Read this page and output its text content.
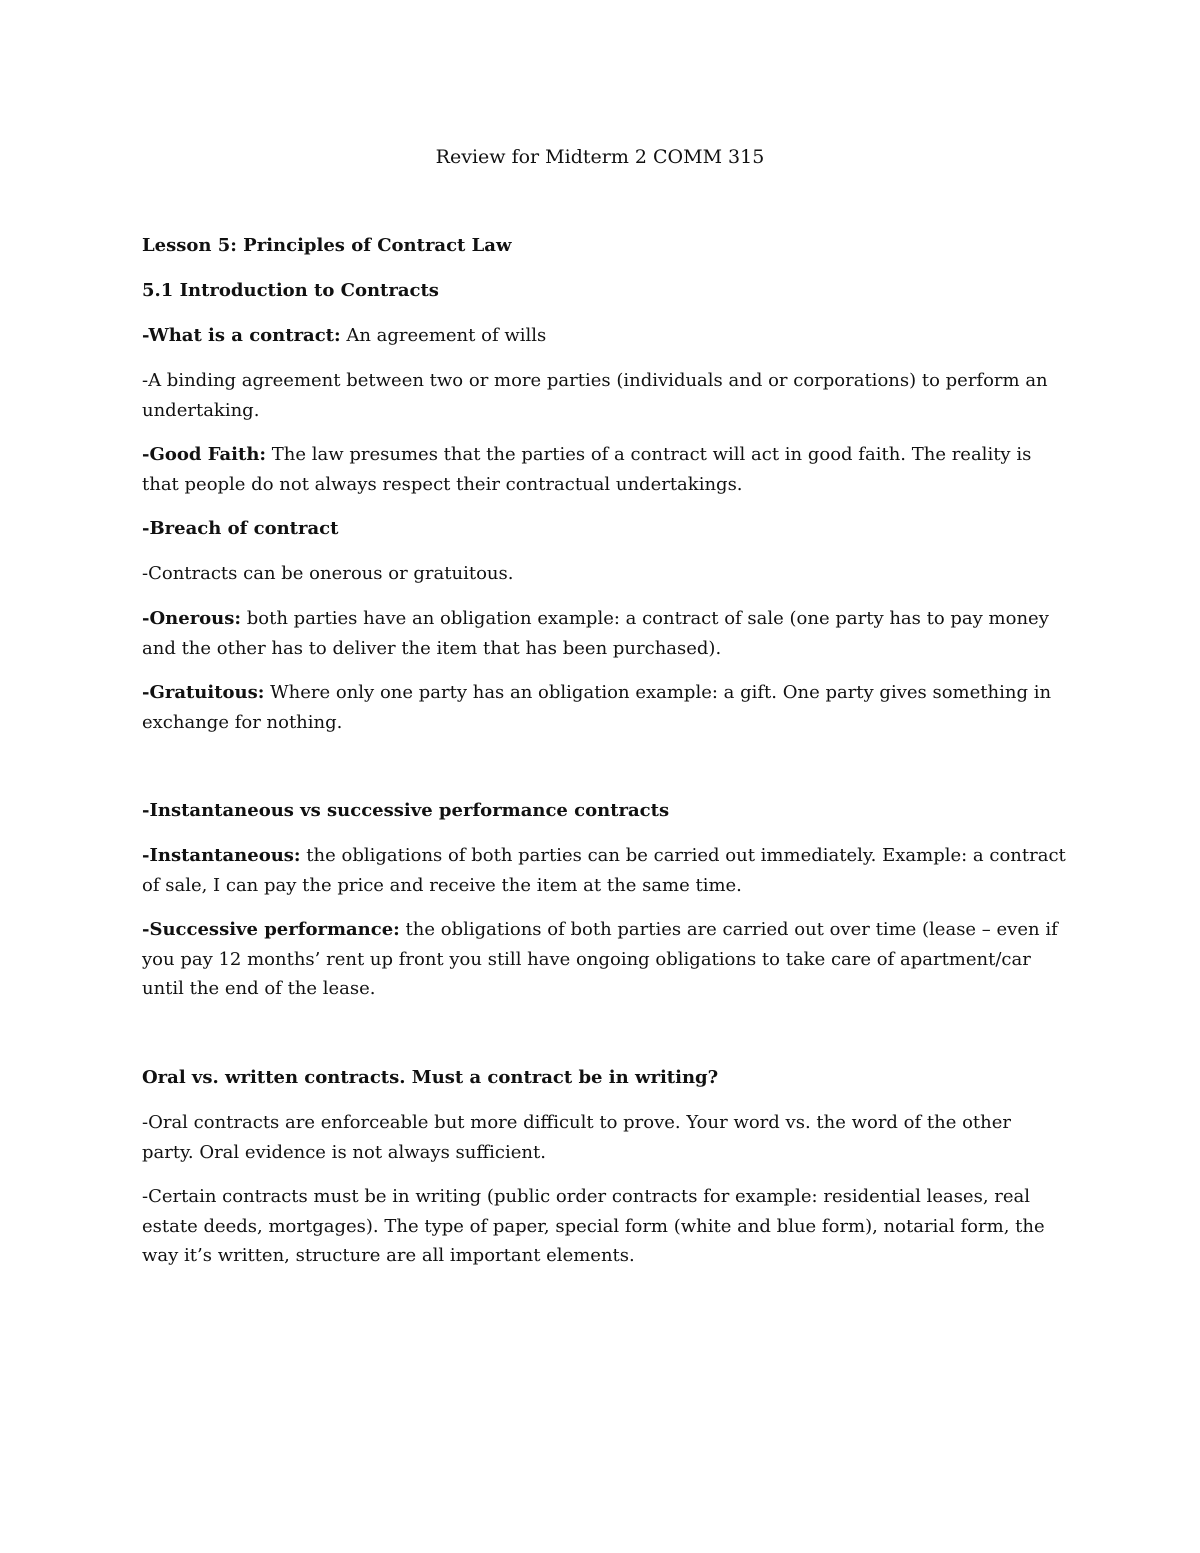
Review for Midterm 2 COMM 315
Lesson 5: Principles of Contract Law
5.1 Introduction to Contracts
-What is a contract: An agreement of wills
-A binding agreement between two or more parties (individuals and or corporations) to perform an undertaking.
-Good Faith: The law presumes that the parties of a contract will act in good faith. The reality is that people do not always respect their contractual undertakings.
-Breach of contract
-Contracts can be onerous or gratuitous.
-Onerous: both parties have an obligation example: a contract of sale (one party has to pay money and the other has to deliver the item that has been purchased).
-Gratuitous: Where only one party has an obligation example: a gift. One party gives something in exchange for nothing.
-Instantaneous vs successive performance contracts
-Instantaneous: the obligations of both parties can be carried out immediately. Example: a contract of sale, I can pay the price and receive the item at the same time.
-Successive performance: the obligations of both parties are carried out over time (lease – even if you pay 12 months’ rent up front you still have ongoing obligations to take care of apartment/car until the end of the lease.
Oral vs. written contracts. Must a contract be in writing?
-Oral contracts are enforceable but more difficult to prove. Your word vs. the word of the other party. Oral evidence is not always sufficient.
-Certain contracts must be in writing (public order contracts for example: residential leases, real estate deeds, mortgages). The type of paper, special form (white and blue form), notarial form, the way it’s written, structure are all important elements.
